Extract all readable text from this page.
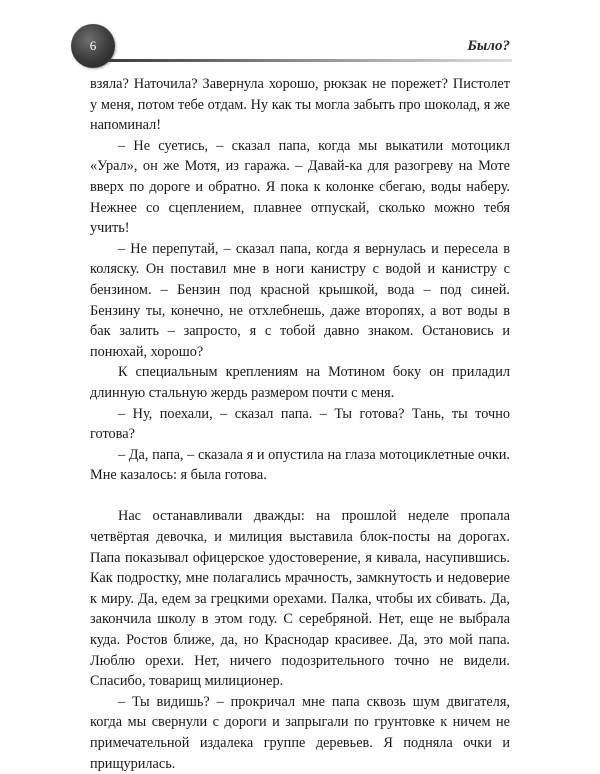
6	Было?

взяла? Наточила? Завернула хорошо, рюкзак не порежет? Пистолет у меня, потом тебе отдам. Ну как ты могла забыть про шоколад, я же напоминал!

– Не суетись, – сказал папа, когда мы выкатили мотоцикл «Урал», он же Мотя, из гаража. – Давай-ка для разогреву на Моте вверх по дороге и обратно. Я пока к колонке сбегаю, воды наберу. Нежнее со сцеплением, плавнее отпускай, сколько можно тебя учить!

– Не перепутай, – сказал папа, когда я вернулась и пересела в коляску. Он поставил мне в ноги канистру с водой и канистру с бензином. – Бензин под красной крышкой, вода – под синей. Бензину ты, конечно, не отхлебнешь, даже второпях, а вот воды в бак залить – запросто, я с тобой давно знаком. Остановись и понюхай, хорошо?

К специальным креплениям на Мотином боку он приладил длинную стальную жердь размером почти с меня.

– Ну, поехали, – сказал папа. – Ты готова? Тань, ты точно готова?

– Да, папа, – сказала я и опустила на глаза мотоциклетные очки. Мне казалось: я была готова.

Нас останавливали дважды: на прошлой неделе пропала четвёртая девочка, и милиция выставила блок-посты на дорогах. Папа показывал офицерское удостоверение, я кивала, насупившись. Как подростку, мне полагались мрачность, замкнутость и недоверие к миру. Да, едем за грецкими орехами. Палка, чтобы их сбивать. Да, закончила школу в этом году. С серебряной. Нет, еще не выбрала куда. Ростов ближе, да, но Краснодар красивее. Да, это мой папа. Люблю орехи. Нет, ничего подозрительного точно не видели. Спасибо, товарищ милиционер.

– Ты видишь? – прокричал мне папа сквозь шум двигателя, когда мы свернули с дороги и запрыгали по грунтовке к ничем не примечательной издалека группе деревьев. Я подняла очки и прищурилась.
